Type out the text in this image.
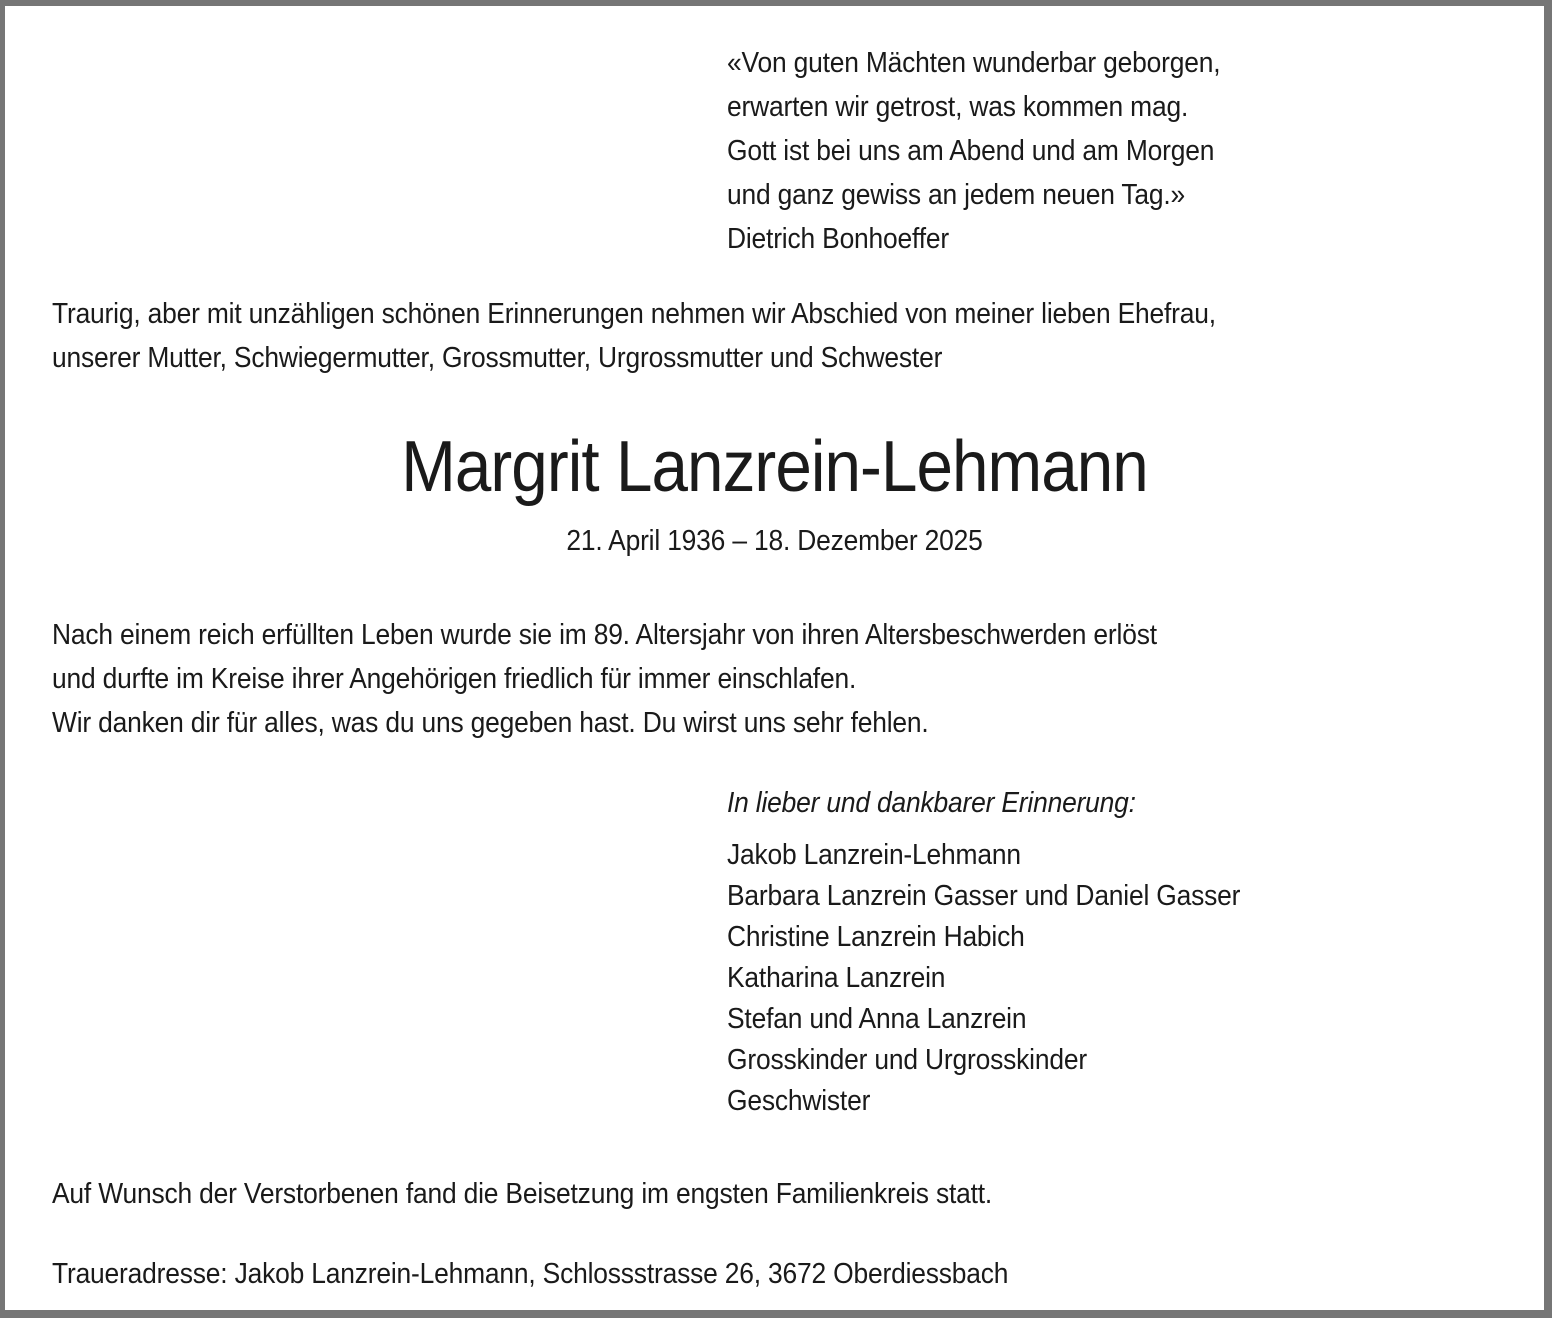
«Von guten Mächten wunderbar geborgen,
erwarten wir getrost, was kommen mag.
Gott ist bei uns am Abend und am Morgen
und ganz gewiss an jedem neuen Tag.»
Dietrich Bonhoeffer
Traurig, aber mit unzähligen schönen Erinnerungen nehmen wir Abschied von meiner lieben Ehefrau,
unserer Mutter, Schwiegermutter, Grossmutter, Urgrossmutter und Schwester
Margrit Lanzrein-Lehmann
21. April 1936 – 18. Dezember 2025
Nach einem reich erfüllten Leben wurde sie im 89. Altersjahr von ihren Altersbeschwerden erlöst
und durfte im Kreise ihrer Angehörigen friedlich für immer einschlafen.
Wir danken dir für alles, was du uns gegeben hast. Du wirst uns sehr fehlen.
In lieber und dankbarer Erinnerung:
Jakob Lanzrein-Lehmann
Barbara Lanzrein Gasser und Daniel Gasser
Christine Lanzrein Habich
Katharina Lanzrein
Stefan und Anna Lanzrein
Grosskinder und Urgrosskinder
Geschwister
Auf Wunsch der Verstorbenen fand die Beisetzung im engsten Familienkreis statt.
Traueradresse: Jakob Lanzrein-Lehmann, Schlossstrasse 26, 3672 Oberdiessbach
